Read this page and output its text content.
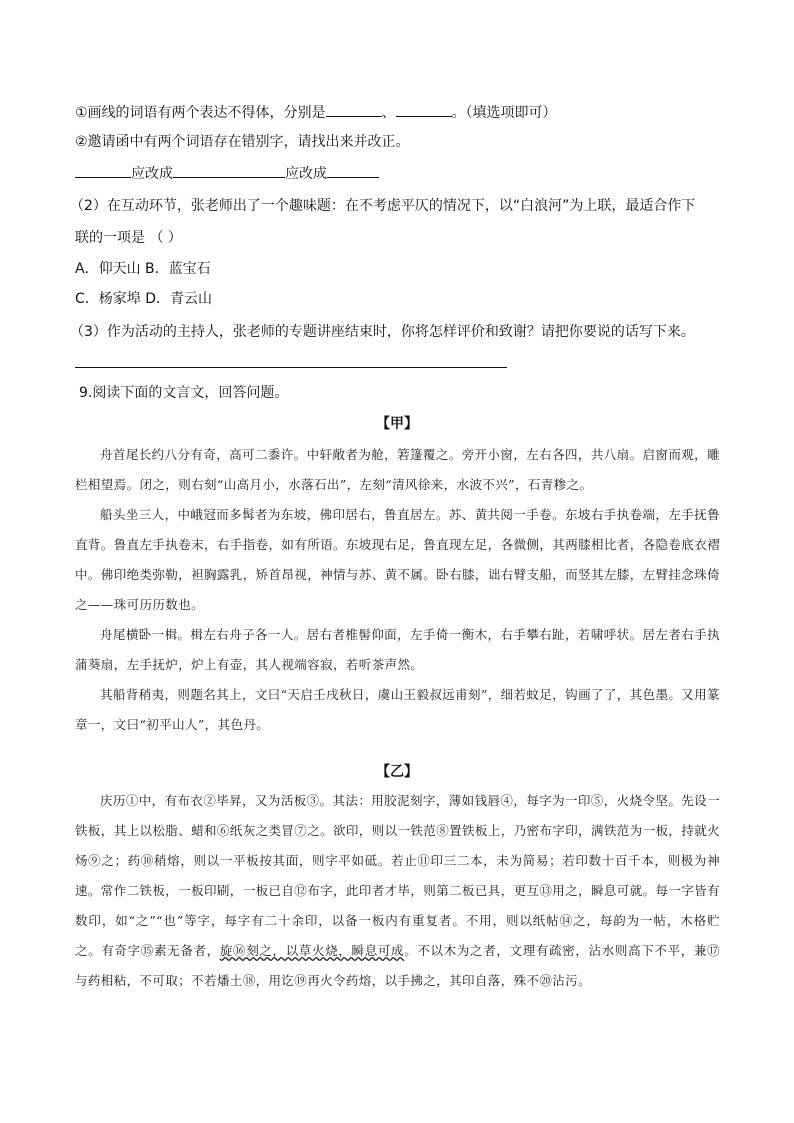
①画线的词语有两个表达不得体，分别是	、	。（填选项即可）
②邀请函中有两个词语存在错别字，请找出来并改正。
应改成	应改成
（2）在互动环节，张老师出了一个趣味题：在不考虑平仄的情况下，以“白浪河”为上联，最适合作下
联的一项是 （ ）
A．仰天山 B．蓝宝石
C．杨家埠 D．青云山
（3）作为活动的主持人，张老师的专题讲座结束时，你将怎样评价和致谢？请把你要说的话写下来。
9.阅读下面的文言文，回答问题。
【甲】

舟首尾长约八分有奇，高可二黍许。中轩敞者为舱，箬篷覆之。旁开小窗，左右各四，共八扇。启窗而观，雕栏相望焉。闭之，则右刻“山高月小，水落石出”，左刻“清风徐来，水波不兴”，石青糁之。

船头坐三人，中峨冠而多髯者为东坡，佛印居右，鲁直居左。苏、黄共阅一手卷。东坡右手执卷端，左手抚鲁直背。鲁直左手执卷末，右手指卷，如有所语。东坡现右足，鲁直现左足，各微侧，其两膝相比者，各隐卷底衣褶中。佛印绝类弥勒，袒胸露乳，矫首昂视，神情与苏、黄不属。卧右膝，诎右臂支船，而竖其左膝，左臂挂念珠倚之——珠可历历数也。

舟尾横卧一楫。楫左右舟子各一人。居右者椎髻仰面，左手倚一衡木，右手攀右趾，若啸呼状。居左者右手执蒲葵扇，左手抚炉，炉上有壶，其人视端容寂，若听茶声然。

其船背稍夷，则题名其上，文曰“天启壬戌秋日，虞山王毅叔远甫刻”，细若蚊足，钩画了了，其色墨。又用篆章一，文曰“初平山人”，其色丹。

【乙】

庆历①中，有布衣②毕昇，又为活板③。其法：用胶泥刻字，薄如钱唇④，每字为一印⑤，火烧令坚。先设一铁板，其上以松脂、蜡和⑥纸灰之类冒⑦之。欲印，则以一铁范⑧置铁板上，乃密布字印，满铁范为一板，持就火炀⑨之；药⑩稍熔，则以一平板按其面，则字平如砥。若止⑪印三二本，未为简易；若印数十百千本，则极为神速。常作二铁板，一板印刷，一板已自⑫布字，此印者才毕，则第二板已具，更互⑬用之，瞬息可就。每一字皆有数印，如“之”“也”等字，每字有二十余印，以备一板内有重复者。不用，则以纸帖⑭之，每韵为一帖，木格贮之。有奇字⑮素无备者，旋⑯刻之，以草火烧，瞬息可成。不以木为之者，文理有疏密，沾水则高下不平，兼⑰与药相粘，不可取；不若燔土⑱，用讫⑲再火令药熔，以手拂之，其印自落，殊不⑳沾污。
